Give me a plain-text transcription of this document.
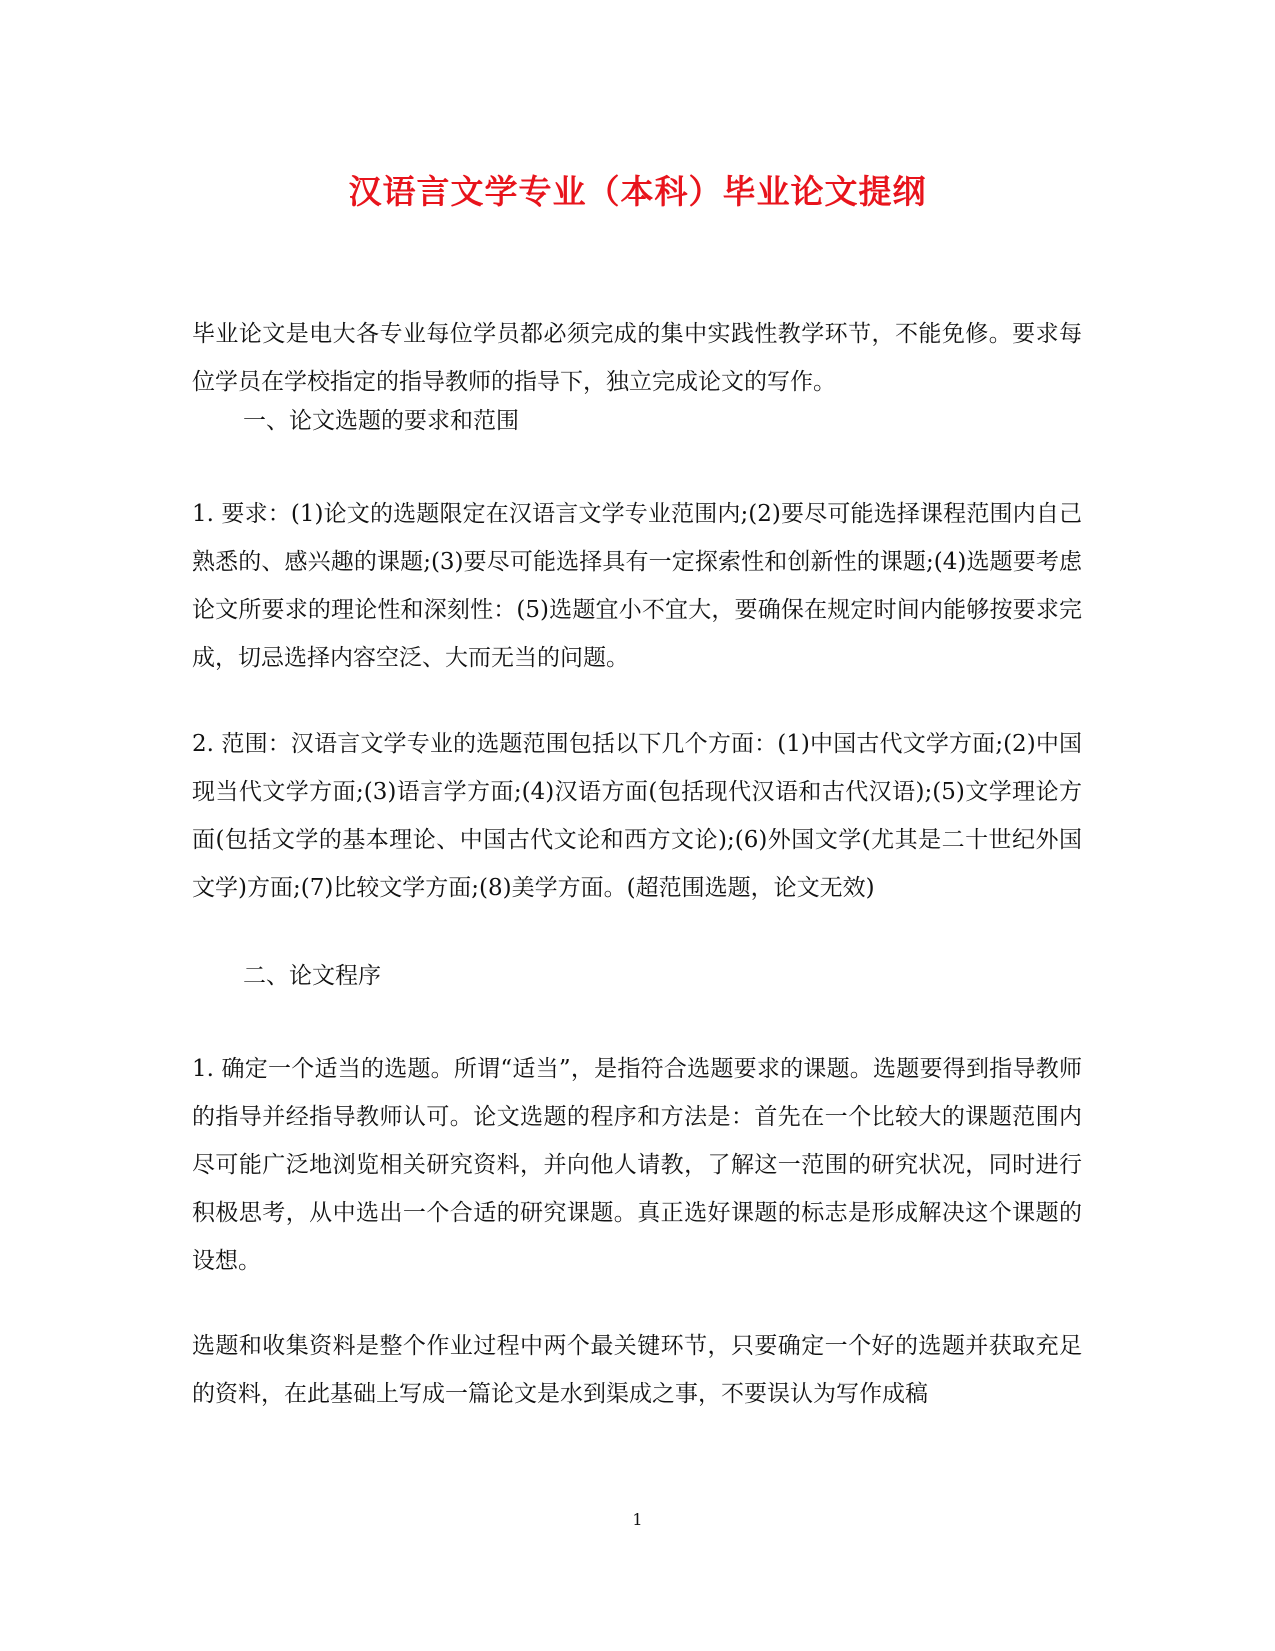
汉语言文学专业（本科）毕业论文提纲

毕业论文是电大各专业每位学员都必须完成的集中实践性教学环节，不能免修。要求每位学员在学校指定的指导教师的指导下，独立完成论文的写作。

一、论文选题的要求和范围

1. 要求：(1)论文的选题限定在汉语言文学专业范围内;(2)要尽可能选择课程范围内自己熟悉的、感兴趣的课题;(3)要尽可能选择具有一定探索性和创新性的课题;(4)选题要考虑论文所要求的理论性和深刻性：(5)选题宜小不宜大，要确保在规定时间内能够按要求完成，切忌选择内容空泛、大而无当的问题。

2. 范围：汉语言文学专业的选题范围包括以下几个方面：(1)中国古代文学方面;(2)中国现当代文学方面;(3)语言学方面;(4)汉语方面(包括现代汉语和古代汉语);(5)文学理论方面(包括文学的基本理论、中国古代文论和西方文论);(6)外国文学(尤其是二十世纪外国文学)方面;(7)比较文学方面;(8)美学方面。(超范围选题，论文无效)

二、论文程序

1. 确定一个适当的选题。所谓“适当”，是指符合选题要求的课题。选题要得到指导教师的指导并经指导教师认可。论文选题的程序和方法是：首先在一个比较大的课题范围内尽可能广泛地浏览相关研究资料，并向他人请教，了解这一范围的研究状况，同时进行积极思考，从中选出一个合适的研究课题。真正选好课题的标志是形成解决这个课题的设想。

选题和收集资料是整个作业过程中两个最关键环节，只要确定一个好的选题并获取充足的资料，在此基础上写成一篇论文是水到渠成之事，不要误认为写作成稿

1
